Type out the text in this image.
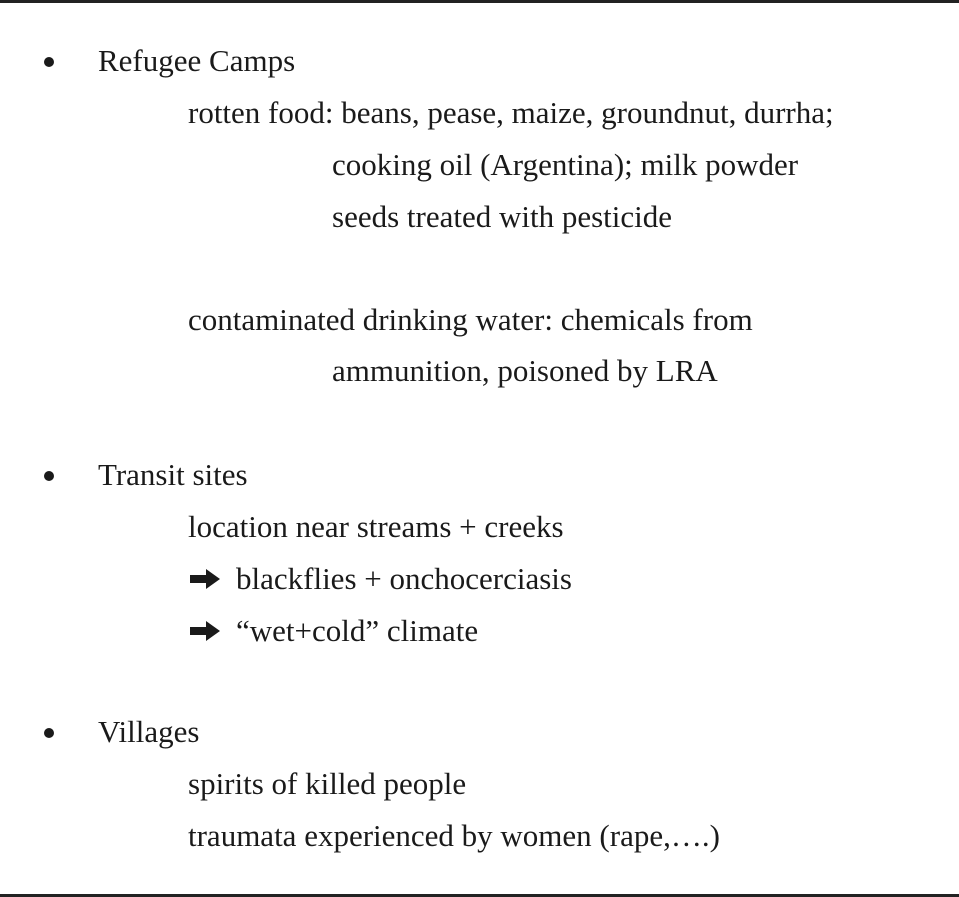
Refugee Camps
rotten food: beans, pease, maize, groundnut, durrha;
cooking oil (Argentina); milk powder
seeds treated with pesticide
contaminated drinking water: chemicals from
ammunition, poisoned by LRA
Transit sites
location near streams + creeks
blackflies + onchocerciasis
“wet+cold” climate
Villages
spirits of killed people
traumata experienced by women (rape,….)
